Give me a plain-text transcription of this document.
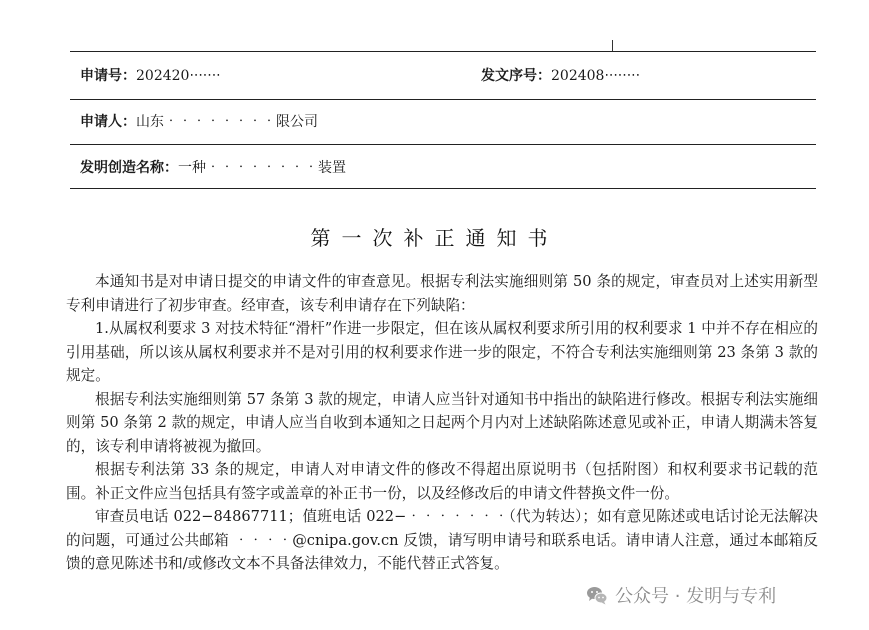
申请号：202420‧‧‧‧‧‧‧	发文序号：202408‧‧‧‧‧‧‧‧
申请人：山东‧‧‧‧‧‧‧‧限公司
发明创造名称：一种‧‧‧‧‧‧‧‧装置
第一次补正通知书

本通知书是对申请日提交的申请文件的审查意见。根据专利法实施细则第 50 条的规定，审查员对上述实用新型专利申请进行了初步审查。经审查，该专利申请存在下列缺陷：

1.从属权利要求 3 对技术特征“滑杆”作进一步限定，但在该从属权利要求所引用的权利要求 1 中并不存在相应的引用基础，所以该从属权利要求并不是对引用的权利要求作进一步的限定，不符合专利法实施细则第 23 条第 3 款的规定。

根据专利法实施细则第 57 条第 3 款的规定，申请人应当针对通知书中指出的缺陷进行修改。根据专利法实施细则第 50 条第 2 款的规定，申请人应当自收到本通知之日起两个月内对上述缺陷陈述意见或补正，申请人期满未答复的，该专利申请将被视为撤回。

根据专利法第 33 条的规定，申请人对申请文件的修改不得超出原说明书（包括附图）和权利要求书记载的范围。补正文件应当包括具有签字或盖章的补正书一份，以及经修改后的申请文件替换文件一份。

审查员电话 022−84867711；值班电话 022−‧‧‧‧‧‧‧（代为转达）；如有意见陈述或电话讨论无法解决的问题，可通过公共邮箱 ‧‧‧‧@cnipa.gov.cn 反馈，请写明申请号和联系电话。请申请人注意，通过本邮箱反馈的意见陈述书和/或修改文本不具备法律效力，不能代替正式答复。

公众号 · 发明与专利
